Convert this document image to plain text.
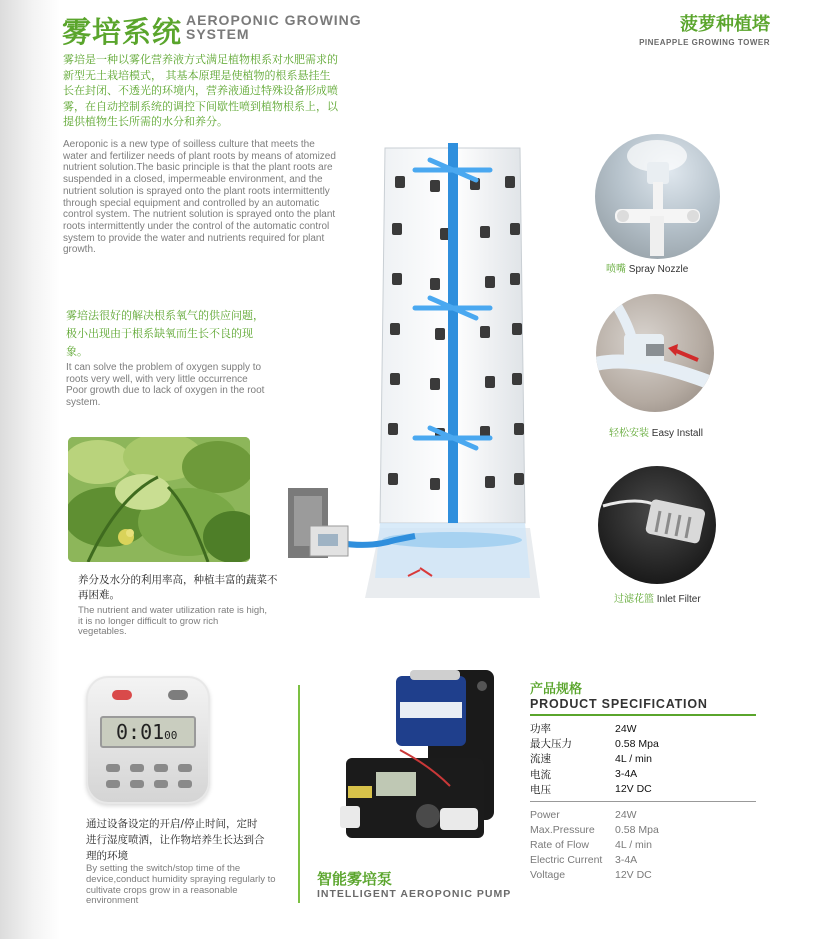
雾培系统 AEROPONIC GROWING
SYSTEM	菠萝种植塔
PINEAPPLE GROWING TOWER
雾培是一种以雾化营养液方式满足植物根系对水肥需求的新型无土栽培模式， 其基本原理是使植物的根系悬挂生长在封闭、不透光的环境内，营养液通过特殊设备形成喷雾，在自动控制系统的调控下间歇性喷到植物根系上，以提供植物生长所需的水分和养分。
Aeroponic is a new type of soilless culture that meets the water and fertilizer needs of plant roots by means of atomized nutrient solution.The basic principle is that the plant roots are suspended in a closed, impermeable environment, and the nutrient solution is sprayed onto the plant roots intermittently through special equipment and controlled by an automatic control system. The nutrient solution is sprayed onto the plant roots intermittently under the control of the automatic control system to provide the water and nutrients required for plant growth.
雾培法很好的解决根系氧气的供应问题，极小出现由于根系缺氧而生长不良的现象。
It can solve the problem of oxygen supply to roots very well, with very little occurrence Poor growth due to lack of oxygen in the root system.
养分及水分的利用率高，种植丰富的蔬菜不再困难。
The nutrient and water utilization rate is high, it is no longer difficult to grow rich vegetables.
喷嘴 Spray Nozzle
轻松安装 Easy Install
过滤花篮 Inlet Filter
0:0100
通过设备设定的开启/停止时间，定时进行湿度喷洒，让作物培养生长达到合理的环境
By setting the switch/stop time of the device,conduct humidity spraying regularly to cultivate crops grow in a reasonable environment
智能雾培泵
INTELLIGENT AEROPONIC PUMP
产品规格
PRODUCT SPECIFICATION
功率	24W
最大压力	0.58 Mpa
流速	4L / min
电流	3-4A
电压	12V DC
Power	24W
Max.Pressure	0.58 Mpa
Rate of Flow	4L / min
Electric Current	3-4A
Voltage	12V DC
